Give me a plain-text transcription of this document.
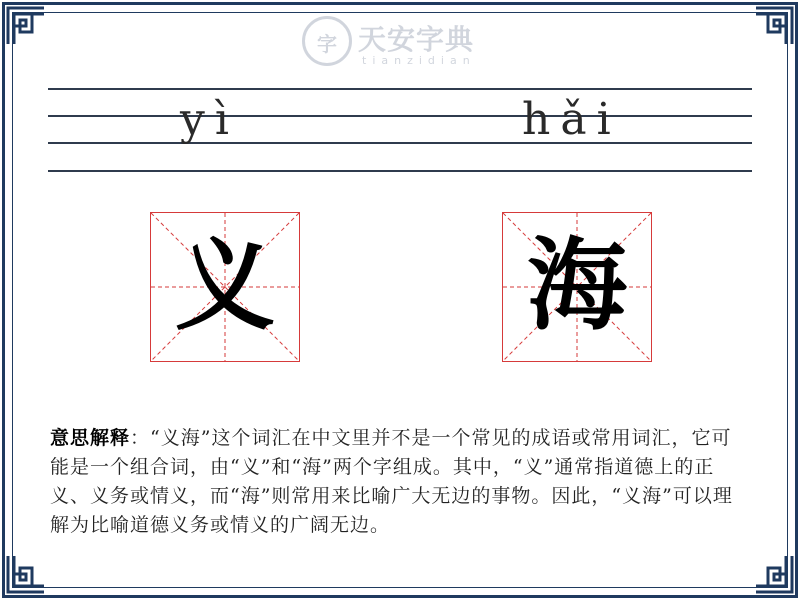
字 天安字典
tianzidian
yì	hǎi
义	海
意思解释：“义海”这个词汇在中文里并不是一个常见的成语或常用词汇，它可能是一个组合词，由“义”和“海”两个字组成。其中，“义”通常指道德上的正义、义务或情义，而“海”则常用来比喻广大无边的事物。因此，“义海”可以理解为比喻道德义务或情义的广阔无边。
